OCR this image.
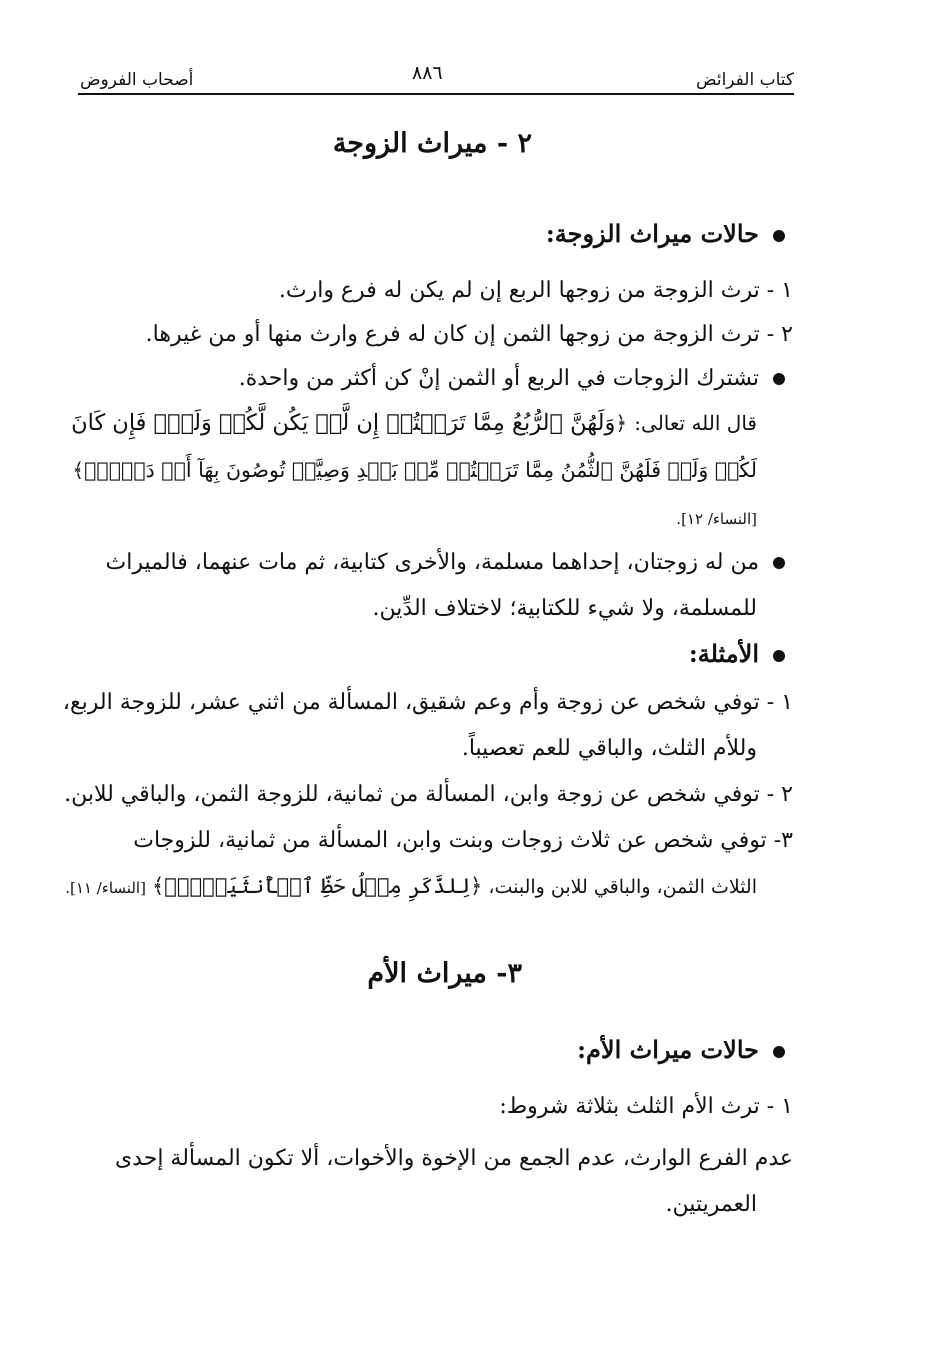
كتاب الفرائض
٨٨٦
أصحاب الفروض
٢ - ميراث الزوجة
حالات ميراث الزوجة:
١ - ترث الزوجة من زوجها الربع إن لم يكن له فرع وارث.
٢ - ترث الزوجة من زوجها الثمن إن كان له فرع وارث منها أو من غيرها.
تشترك الزوجات في الربع أو الثمن إنْ كن أكثر من واحدة.
قال الله تعالى: ﴿وَلَهُنَّ ٱلرُّبُعُ مِمَّا تَرَكۡتُمۡ إِن لَّمۡ يَكُن لَّكُمۡ وَلَدٞۚ فَإِن كَانَ
لَكُمۡ وَلَدٞ فَلَهُنَّ ٱلثُّمُنُ مِمَّا تَرَكۡتُمۚ مِّنۢ بَعۡدِ وَصِيَّةٖ تُوصُونَ بِهَآ أَوۡ دَيۡنٖۗ﴾
[النساء/ ١٢].
من له زوجتان، إحداهما مسلمة، والأخرى كتابية، ثم مات عنهما، فالميراث
للمسلمة، ولا شيء للكتابية؛ لاختلاف الدِّين.
الأمثلة:
١ - توفي شخص عن زوجة وأم وعم شقيق، المسألة من اثني عشر، للزوجة الربع،
وللأم الثلث، والباقي للعم تعصيباً.
٢ - توفي شخص عن زوجة وابن، المسألة من ثمانية، للزوجة الثمن، والباقي للابن.
٣- توفي شخص عن ثلاث زوجات وبنت وابن، المسألة من ثمانية، للزوجات
الثلاث الثمن، والباقي للابن والبنت، ﴿لِلذَّكَرِ مِثۡلُ حَظِّ ٱلۡأُنثَيَيۡنِۚ﴾ [النساء/ ١١].
٣- ميراث الأم
حالات ميراث الأم:
١ - ترث الأم الثلث بثلاثة شروط:
عدم الفرع الوارث، عدم الجمع من الإخوة والأخوات، ألا تكون المسألة إحدى
العمريتين.
